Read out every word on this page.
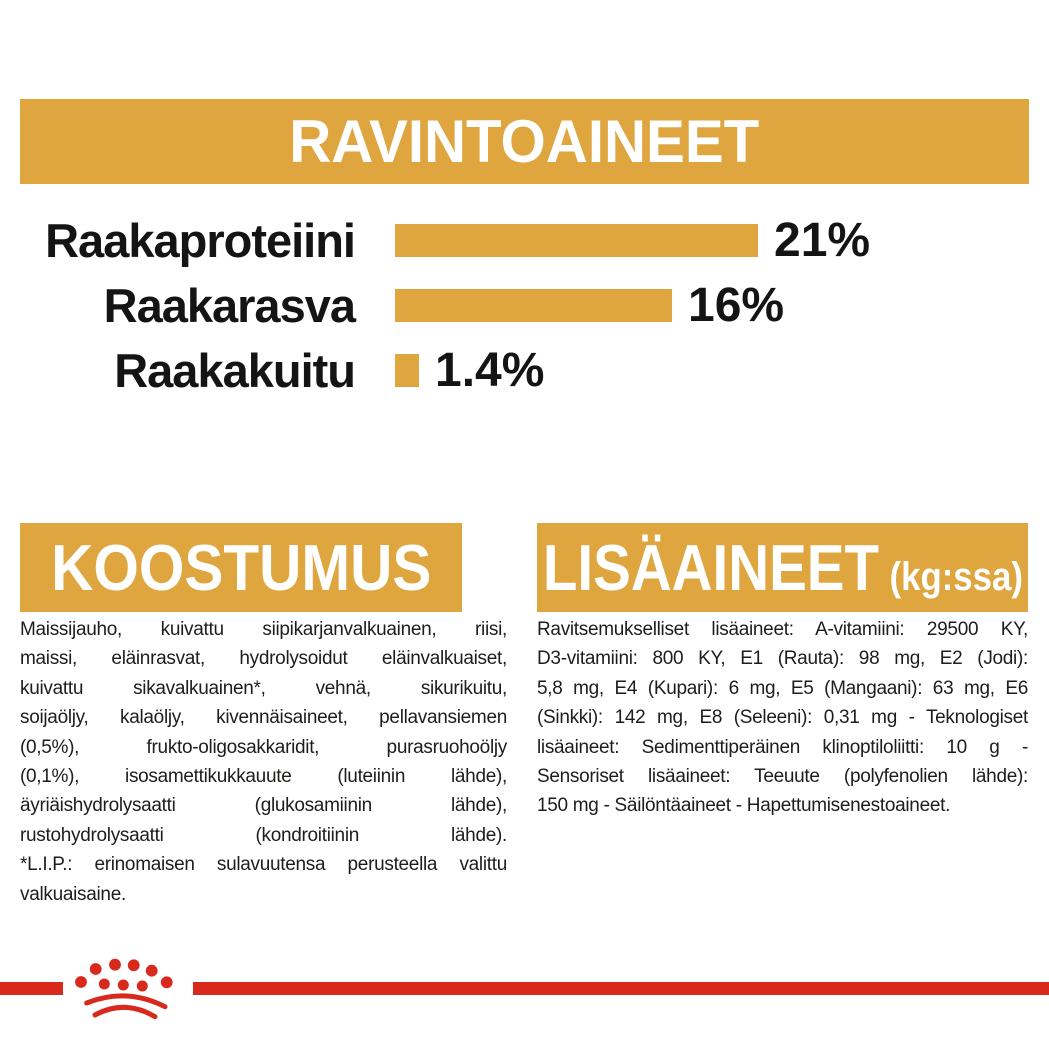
RAVINTOAINEET
Raakaproteiini	21%
Raakarasva	16%
Raakakuitu 1.4%
KOOSTUMUS LISÄAINEET (kg:ssa)
Maissijauho, kuivattu siipikarjanvalkuainen, riisi,
maissi, eläinrasvat, hydrolysoidut eläinvalkuaiset,
kuivattu sikavalkuainen*, vehnä, sikurikuitu,
soijaöljy, kalaöljy, kivennäisaineet, pellavansiemen
(0,5%), frukto-oligosakkaridit, purasruohoöljy
(0,1%), isosamettikukkauute (luteiinin lähde),
äyriäishydrolysaatti (glukosamiinin lähde),
rustohydrolysaatti (kondroitiinin lähde).
*L.I.P.: erinomaisen sulavuutensa perusteella valittu
valkuaisaine.
Ravitsemukselliset lisäaineet: A-vitamiini: 29500 KY,
D3-vitamiini: 800 KY, E1 (Rauta): 98 mg, E2 (Jodi):
5,8 mg, E4 (Kupari): 6 mg, E5 (Mangaani): 63 mg, E6
(Sinkki): 142 mg, E8 (Seleeni): 0,31 mg - Teknologiset
lisäaineet: Sedimenttiperäinen klinoptiloliitti: 10 g -
Sensoriset lisäaineet: Teeuute (polyfenolien lähde):
150 mg - Säilöntäaineet - Hapettumisenestoaineet.
